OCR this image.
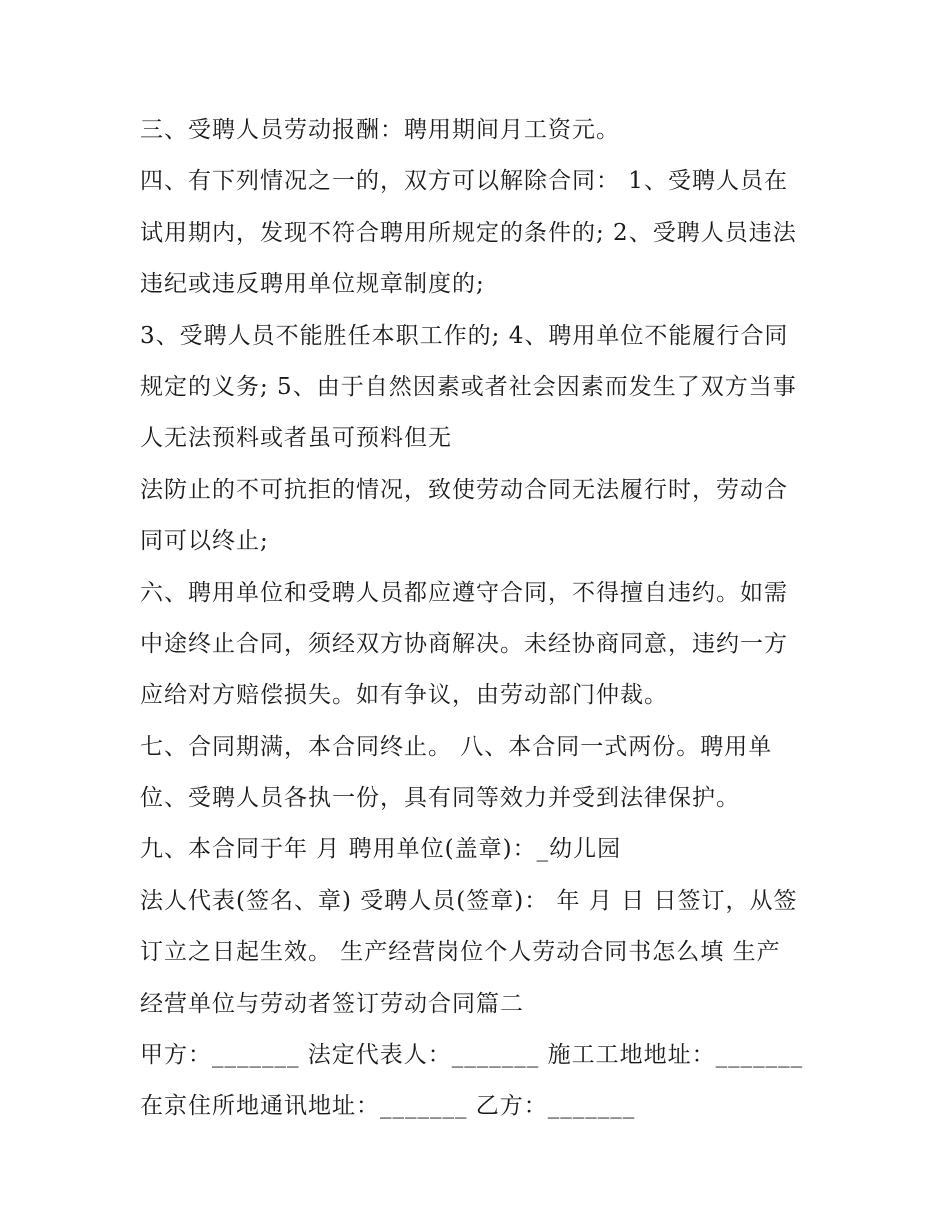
三、受聘人员劳动报酬：聘用期间月工资元。
四、有下列情况之一的，双方可以解除合同： 1、受聘人员在
试用期内，发现不符合聘用所规定的条件的; 2、受聘人员违法
违纪或违反聘用单位规章制度的;
3、受聘人员不能胜任本职工作的; 4、聘用单位不能履行合同
规定的义务; 5、由于自然因素或者社会因素而发生了双方当事
人无法预料或者虽可预料但无
法防止的不可抗拒的情况，致使劳动合同无法履行时，劳动合
同可以终止;
六、聘用单位和受聘人员都应遵守合同，不得擅自违约。如需
中途终止合同，须经双方协商解决。未经协商同意，违约一方
应给对方赔偿损失。如有争议，由劳动部门仲裁。
七、合同期满，本合同终止。 八、本合同一式两份。聘用单
位、受聘人员各执一份，具有同等效力并受到法律保护。
九、本合同于年 月 聘用单位(盖章)：_幼儿园
法人代表(签名、章) 受聘人员(签章)： 年 月 日 日签订，从签
订立之日起生效。 生产经营岗位个人劳动合同书怎么填 生产
经营单位与劳动者签订劳动合同篇二
甲方：_______ 法定代表人：_______ 施工工地地址：_______
在京住所地通讯地址：_______ 乙方：_______
